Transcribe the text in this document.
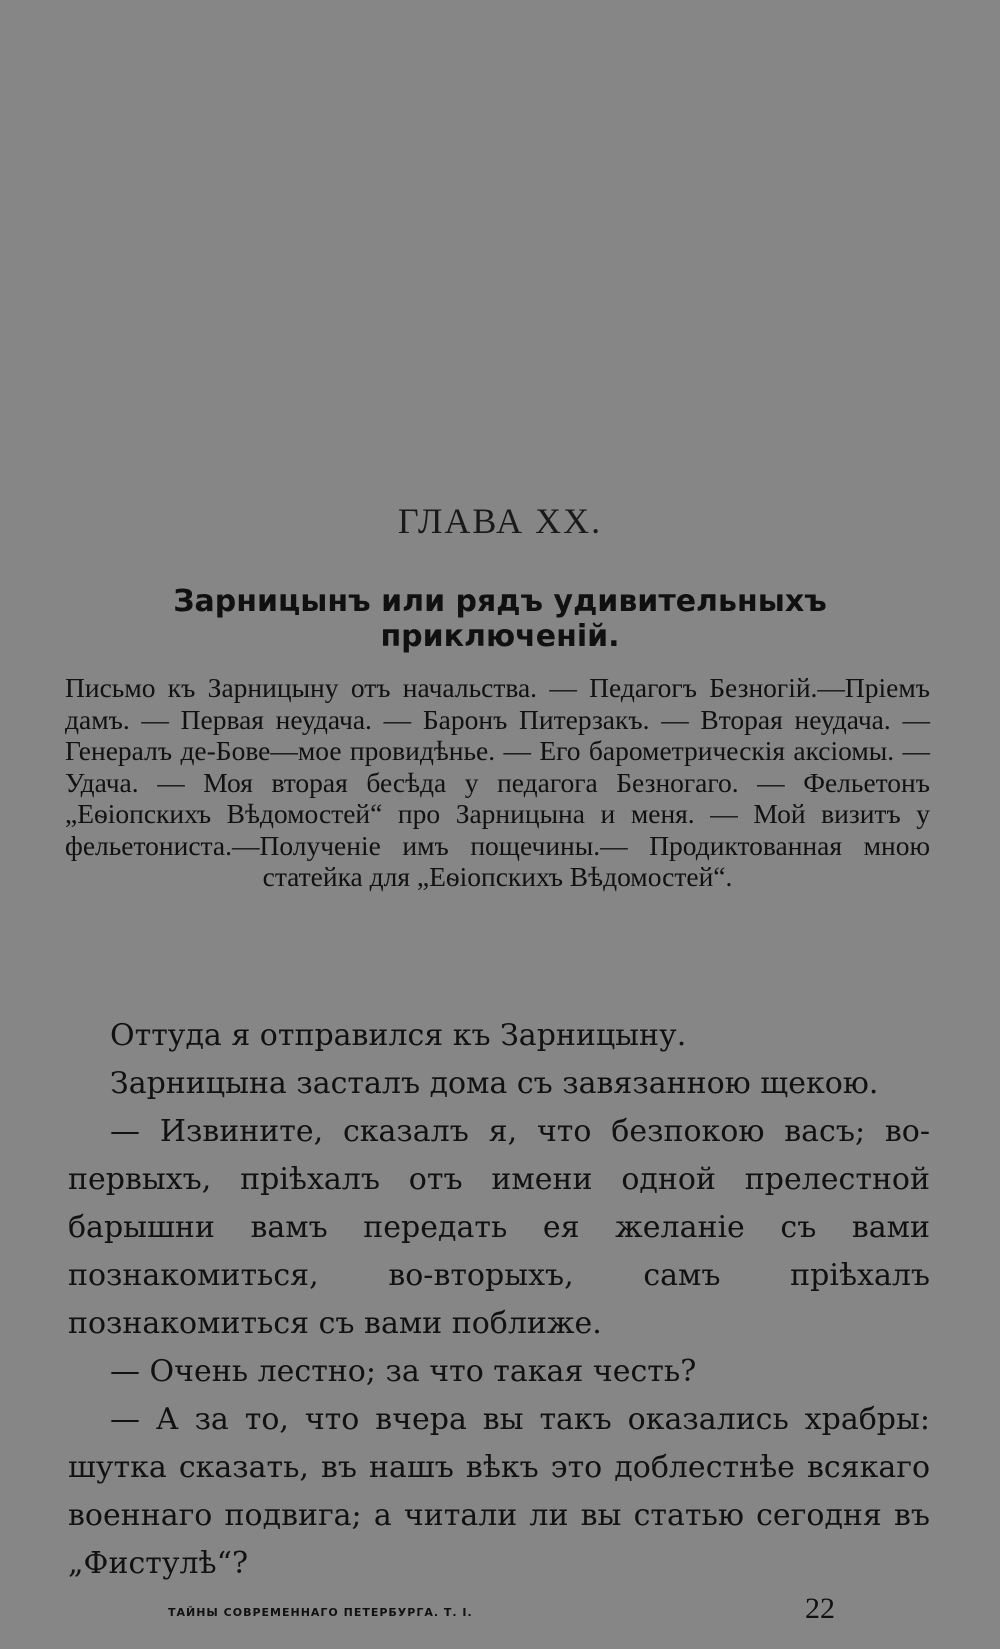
ГЛАВА XX.
Зарницынъ или рядъ удивительныхъ приключеній.
Письмо къ Зарницыну отъ начальства. — Педагогъ Безногій.—Пріемъ дамъ. — Первая неудача. — Баронъ Питерзакъ. — Вторая неудача. — Генералъ де-Бове—мое провидѣнье. — Его барометрическія аксіомы. — Удача. — Моя вторая бесѣда у педагога Безногаго. — Фельетонъ „Еѳіопскихъ Вѣдомостей“ про Зарницына и меня. — Мой визитъ у фельетониста.—Полученіе имъ пощечины.— Продиктованная мною статейка для „Еѳіопскихъ Вѣдомостей“.

Оттуда я отправился къ Зарницыну.

Зарницына засталъ дома съ завязанною щекою.

— Извините, сказалъ я, что безпокою васъ; во-первыхъ, пріѣхалъ отъ имени одной прелестной барышни вамъ передать ея желаніе съ вами познакомиться, во-вторыхъ, самъ пріѣхалъ познакомиться съ вами поближе.

— Очень лестно; за что такая честь?

— А за то, что вчера вы такъ оказались храбры: шутка сказать, въ нашъ вѣкъ это доблестнѣе всякаго военнаго подвига; а читали ли вы статью сегодня въ „Фистулѣ“?

ТАЙНЫ СОВРЕМЕННАГО ПЕТЕРБУРГА. Т. I.	22
